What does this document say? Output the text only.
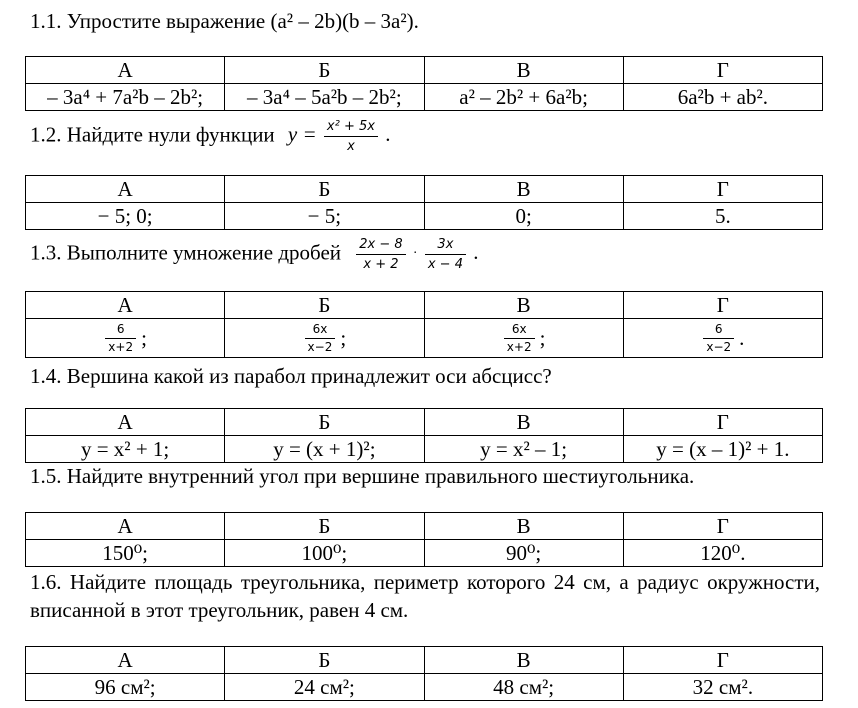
1.1. Упростите выражение (a² – 2b)(b – 3a²).
А	Б	В	Г
– 3a⁴ + 7a²b – 2b²;	– 3a⁴ – 5a²b – 2b²;	a² – 2b² + 6a²b;	6a²b + ab².
1.2. Найдите нули функции $y = \frac{\text{x² + 5x}}{x}$ .
А	Б	В	Г
− 5; 0;	− 5;	0;	5.
1.3. Выполните умножение дробей $\frac{2x - 8}{x + 2} \cdot \frac{3x}{x - 4}$ .
А	Б	В	Г

$\frac{6}{x+2}$ ;	$\frac{6x}{x-2}$ ;	$\frac{6x}{x+2}$ ;	$\frac{6}{x-2}$ .
1.4. Вершина какой из парабол принадлежит оси абсцисс?
А	Б	В	Г
y = x² + 1;	y = (x + 1)²;	y = x² – 1;	y = (x – 1)² + 1.
1.5. Найдите внутренний угол при вершине правильного шестиугольника.
А	Б	В	Г
150⁰;	100⁰;	90⁰;	120⁰.
1.6. Найдите площадь треугольника, периметр которого 24 см, а радиус окружности, вписанной в этот треугольник, равен 4 см.
А	Б	В	Г
96 см²;	24 см²;	48 см²;	32 см².
